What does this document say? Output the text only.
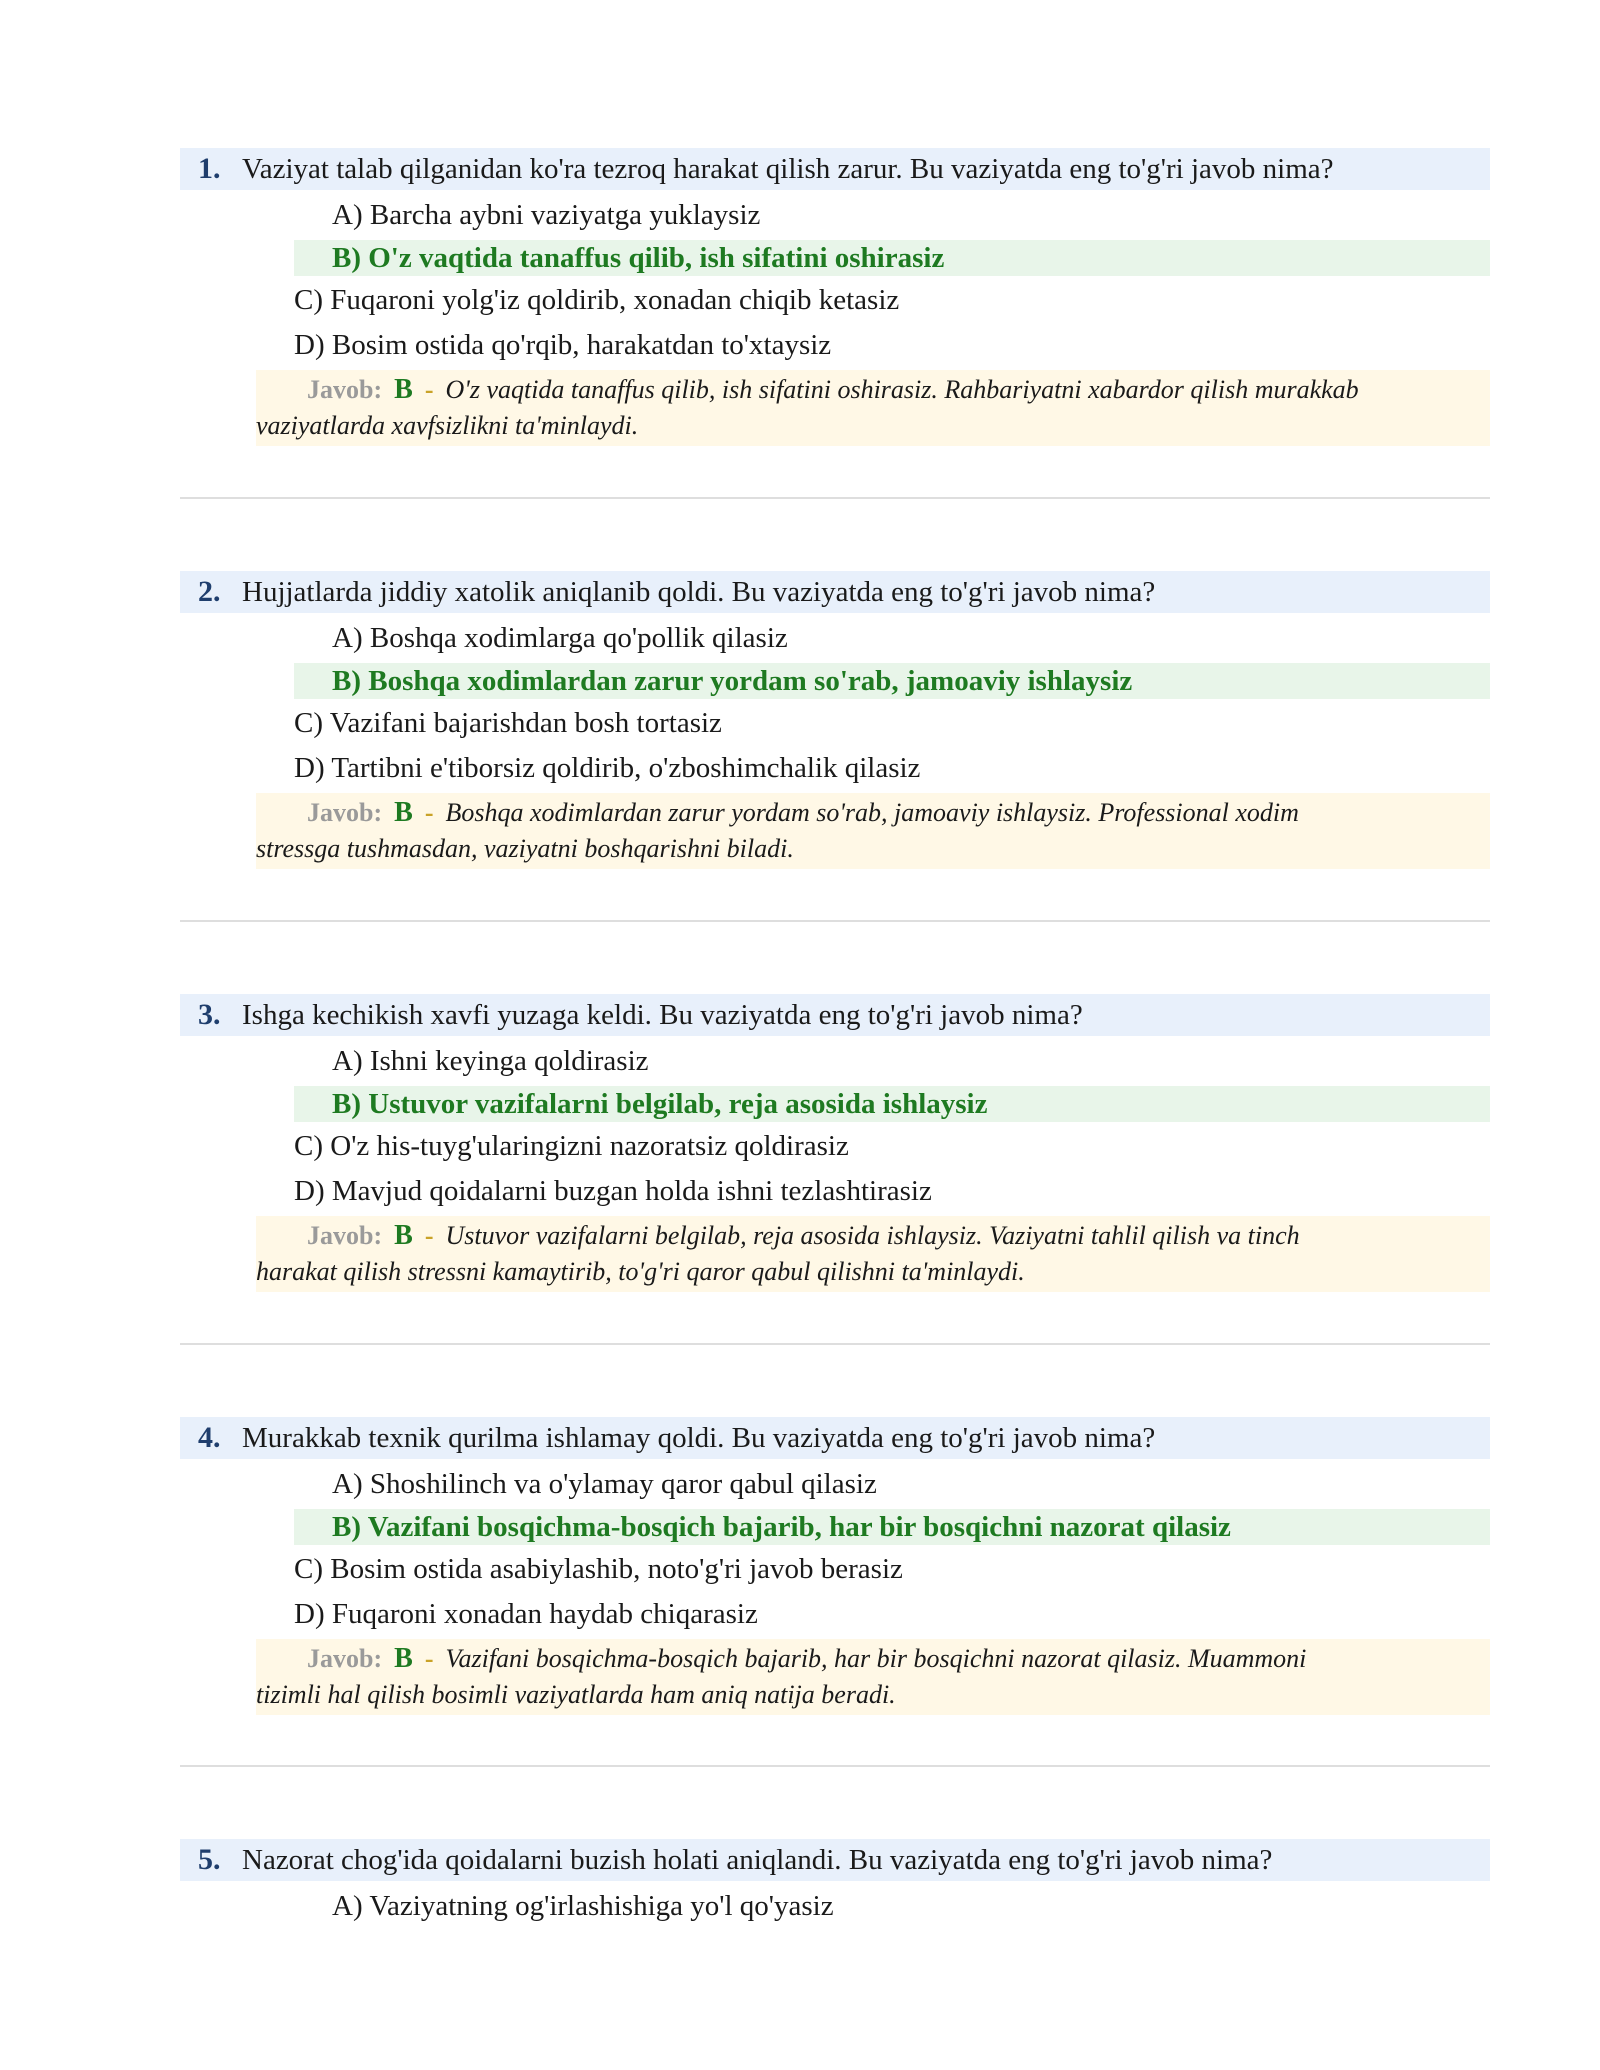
1. Vaziyat talab qilganidan ko'ra tezroq harakat qilish zarur. Bu vaziyatda eng to'g'ri javob nima?
A) Barcha aybni vaziyatga yuklaysiz
B) O'z vaqtida tanaffus qilib, ish sifatini oshirasiz
C) Fuqaroni yolg'iz qoldirib, xonadan chiqib ketasiz
D) Bosim ostida qo'rqib, harakatdan to'xtaysiz
Javob: B - O'z vaqtida tanaffus qilib, ish sifatini oshirasiz. Rahbariyatni xabardor qilish murakkab
vaziyatlarda xavfsizlikni ta'minlaydi.
2. Hujjatlarda jiddiy xatolik aniqlanib qoldi. Bu vaziyatda eng to'g'ri javob nima?
A) Boshqa xodimlarga qo'pollik qilasiz
B) Boshqa xodimlardan zarur yordam so'rab, jamoaviy ishlaysiz
C) Vazifani bajarishdan bosh tortasiz
D) Tartibni e'tiborsiz qoldirib, o'zboshimchalik qilasiz
Javob: B - Boshqa xodimlardan zarur yordam so'rab, jamoaviy ishlaysiz. Professional xodim
stressga tushmasdan, vaziyatni boshqarishni biladi.
3. Ishga kechikish xavfi yuzaga keldi. Bu vaziyatda eng to'g'ri javob nima?
A) Ishni keyinga qoldirasiz
B) Ustuvor vazifalarni belgilab, reja asosida ishlaysiz
C) O'z his-tuyg'ularingizni nazoratsiz qoldirasiz
D) Mavjud qoidalarni buzgan holda ishni tezlashtirasiz
Javob: B - Ustuvor vazifalarni belgilab, reja asosida ishlaysiz. Vaziyatni tahlil qilish va tinch
harakat qilish stressni kamaytirib, to'g'ri qaror qabul qilishni ta'minlaydi.
4. Murakkab texnik qurilma ishlamay qoldi. Bu vaziyatda eng to'g'ri javob nima?
A) Shoshilinch va o'ylamay qaror qabul qilasiz
B) Vazifani bosqichma-bosqich bajarib, har bir bosqichni nazorat qilasiz
C) Bosim ostida asabiylashib, noto'g'ri javob berasiz
D) Fuqaroni xonadan haydab chiqarasiz
Javob: B - Vazifani bosqichma-bosqich bajarib, har bir bosqichni nazorat qilasiz. Muammoni
tizimli hal qilish bosimli vaziyatlarda ham aniq natija beradi.
5. Nazorat chog'ida qoidalarni buzish holati aniqlandi. Bu vaziyatda eng to'g'ri javob nima?
A) Vaziyatning og'irlashishiga yo'l qo'yasiz
